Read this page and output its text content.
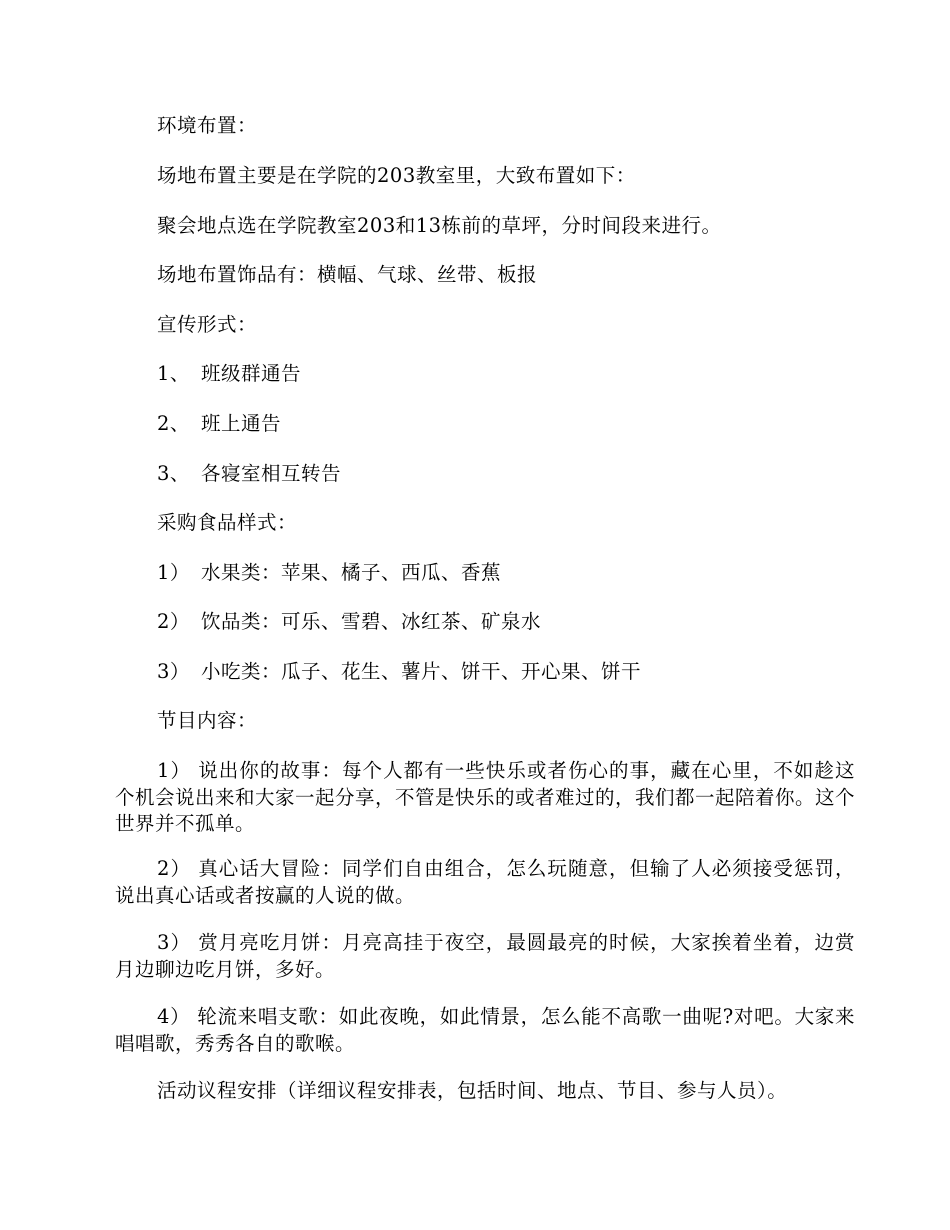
环境布置：
场地布置主要是在学院的203教室里，大致布置如下：
聚会地点选在学院教室203和13栋前的草坪，分时间段来进行。
场地布置饰品有：横幅、气球、丝带、板报
宣传形式：
1、 班级群通告
2、 班上通告
3、 各寝室相互转告
采购食品样式：
1） 水果类：苹果、橘子、西瓜、香蕉
2） 饮品类：可乐、雪碧、冰红茶、矿泉水
3） 小吃类：瓜子、花生、薯片、饼干、开心果、饼干
节目内容：
1） 说出你的故事：每个人都有一些快乐或者伤心的事，藏在心里，不如趁这个机会说出来和大家一起分享，不管是快乐的或者难过的，我们都一起陪着你。这个世界并不孤单。
2） 真心话大冒险：同学们自由组合，怎么玩随意，但输了人必须接受惩罚，说出真心话或者按赢的人说的做。
3） 赏月亮吃月饼：月亮高挂于夜空，最圆最亮的时候，大家挨着坐着，边赏月边聊边吃月饼，多好。
4） 轮流来唱支歌：如此夜晚，如此情景，怎么能不高歌一曲呢?对吧。大家来唱唱歌，秀秀各自的歌喉。
活动议程安排（详细议程安排表，包括时间、地点、节目、参与人员）。
